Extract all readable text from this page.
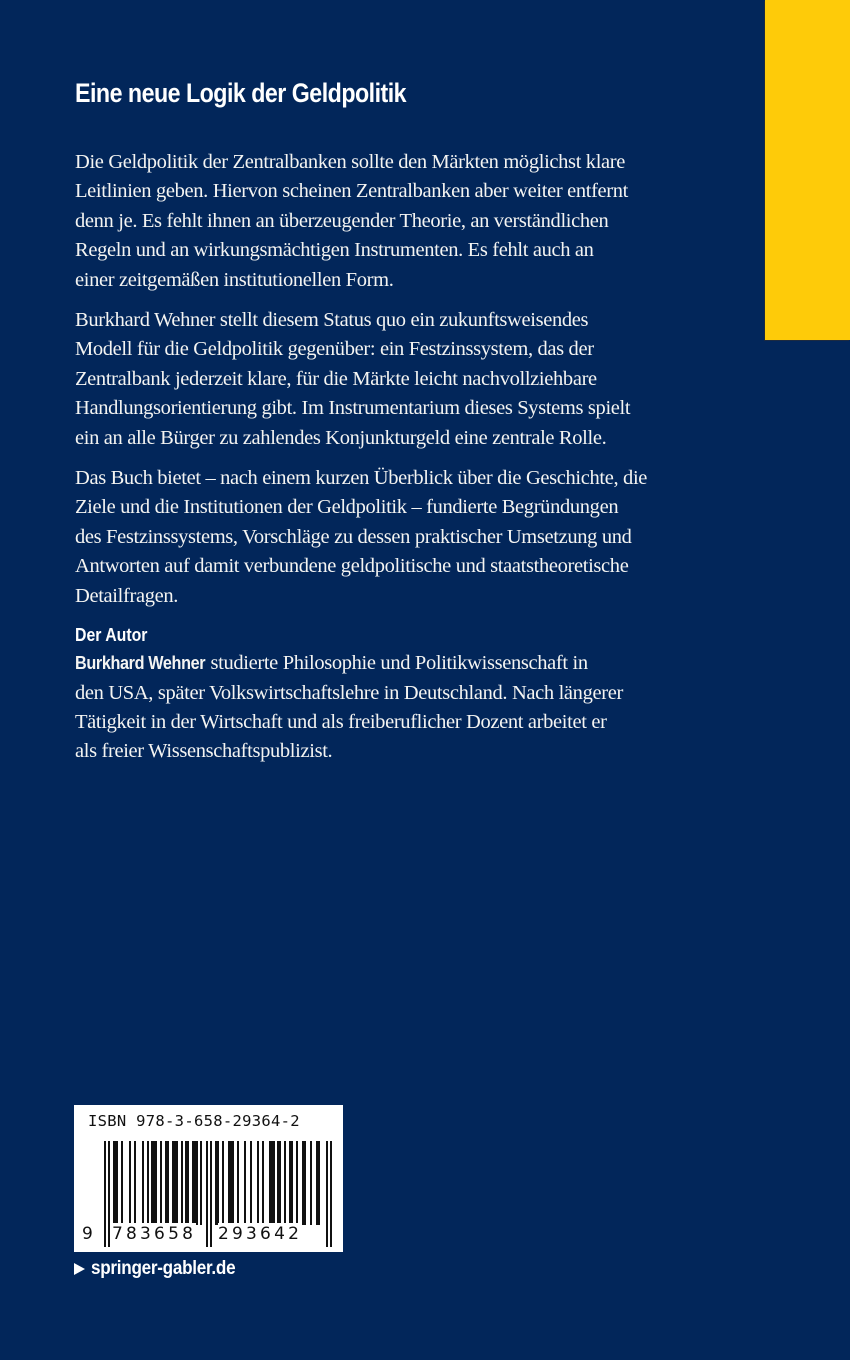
Eine neue Logik der Geldpolitik

Die Geldpolitik der Zentralbanken sollte den Märkten möglichst klare
Leitlinien geben. Hiervon scheinen Zentralbanken aber weiter entfernt
denn je. Es fehlt ihnen an überzeugender Theorie, an verständlichen
Regeln und an wirkungsmächtigen Instrumenten. Es fehlt auch an
einer zeitgemäßen institutionellen Form.

Burkhard Wehner stellt diesem Status quo ein zukunftsweisendes
Modell für die Geldpolitik gegenüber: ein Festzinssystem, das der
Zentralbank jederzeit klare, für die Märkte leicht nachvollziehbare
Handlungsorientierung gibt. Im Instrumentarium dieses Systems spielt
ein an alle Bürger zu zahlendes Konjunkturgeld eine zentrale Rolle.

Das Buch bietet – nach einem kurzen Überblick über die Geschichte, die
Ziele und die Institutionen der Geldpolitik – fundierte Begründungen
des Festzinssystems, Vorschläge zu dessen praktischer Umsetzung und
Antworten auf damit verbundene geldpolitische und staatstheoretische
Detailfragen.

Der Autor

Burkhard Wehner studierte Philosophie und Politikwissenschaft in
den USA, später Volkswirtschaftslehre in Deutschland. Nach längerer
Tätigkeit in der Wirtschaft und als freiberuflicher Dozent arbeitet er
als freier Wissenschaftspublizist.

ISBN 978-3-658-29364-2
9 783658 293642
springer-gabler.de
